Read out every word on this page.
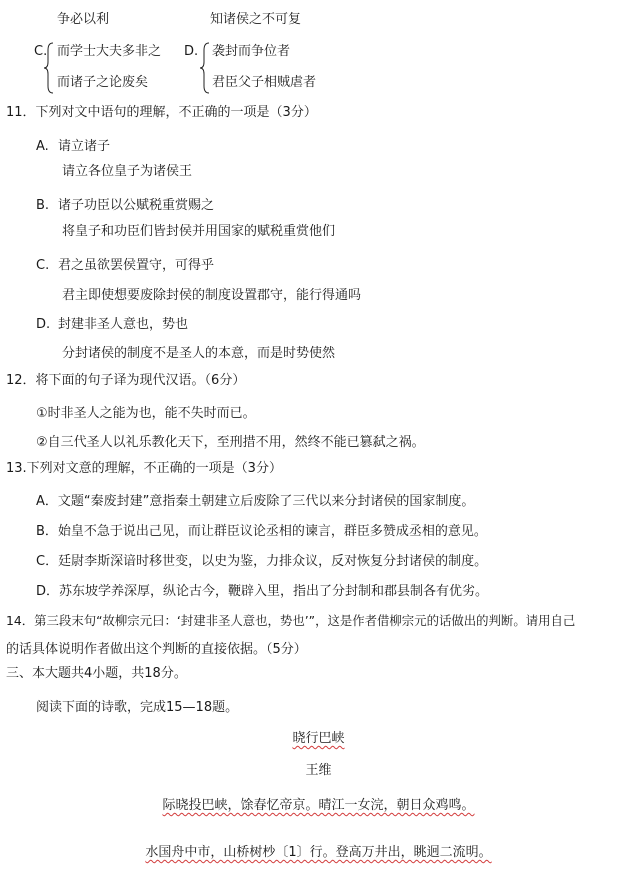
争必以利	知诸侯之不可复
C. 而学士大夫多非之
而诸子之论废矣
D. 袭封而争位者
君臣父子相贼虐者
11．下列对文中语句的理解，不正确的一项是（3分）
A. 请立诸子
请立各位皇子为诸侯王
B. 诸子功臣以公赋税重赏赐之
将皇子和功臣们皆封侯并用国家的赋税重赏他们
C. 君之虽欲罢侯置守，可得乎
君主即使想要废除封侯的制度设置郡守，能行得通吗
D. 封建非圣人意也，势也
分封诸侯的制度不是圣人的本意，而是时势使然
12．将下面的句子译为现代汉语。（6分）
①时非圣人之能为也，能不失时而已。
②自三代圣人以礼乐教化天下，至刑措不用，然终不能已篡弑之祸。
13.下列对文意的理解，不正确的一项是（3分）
A．文题“秦废封建”意指秦土朝建立后废除了三代以来分封诸侯的国家制度。
B．始皇不急于说出己见，而让群臣议论丞相的谏言，群臣多赞成丞相的意见。
C．廷尉李斯深谙时移世变，以史为鉴，力排众议，反对恢复分封诸侯的制度。
D．苏东坡学养深厚，纵论古今，鞭辟入里，指出了分封制和郡县制各有优劣。
14．第三段末句“故柳宗元曰：‘封建非圣人意也，势也’”，这是作者借柳宗元的话做出的判断。请用自己
的话具体说明作者做出这个判断的直接依据。（5分）
三、本大题共4小题，共18分。
阅读下面的诗歌，完成15—18题。
晓行巴峡
王维
际晓投巴峡，馀春忆帝京。晴江一女浣，朝日众鸡鸣。
水国舟中市，山桥树杪〔1〕行。登高万井出，眺迥二流明。
